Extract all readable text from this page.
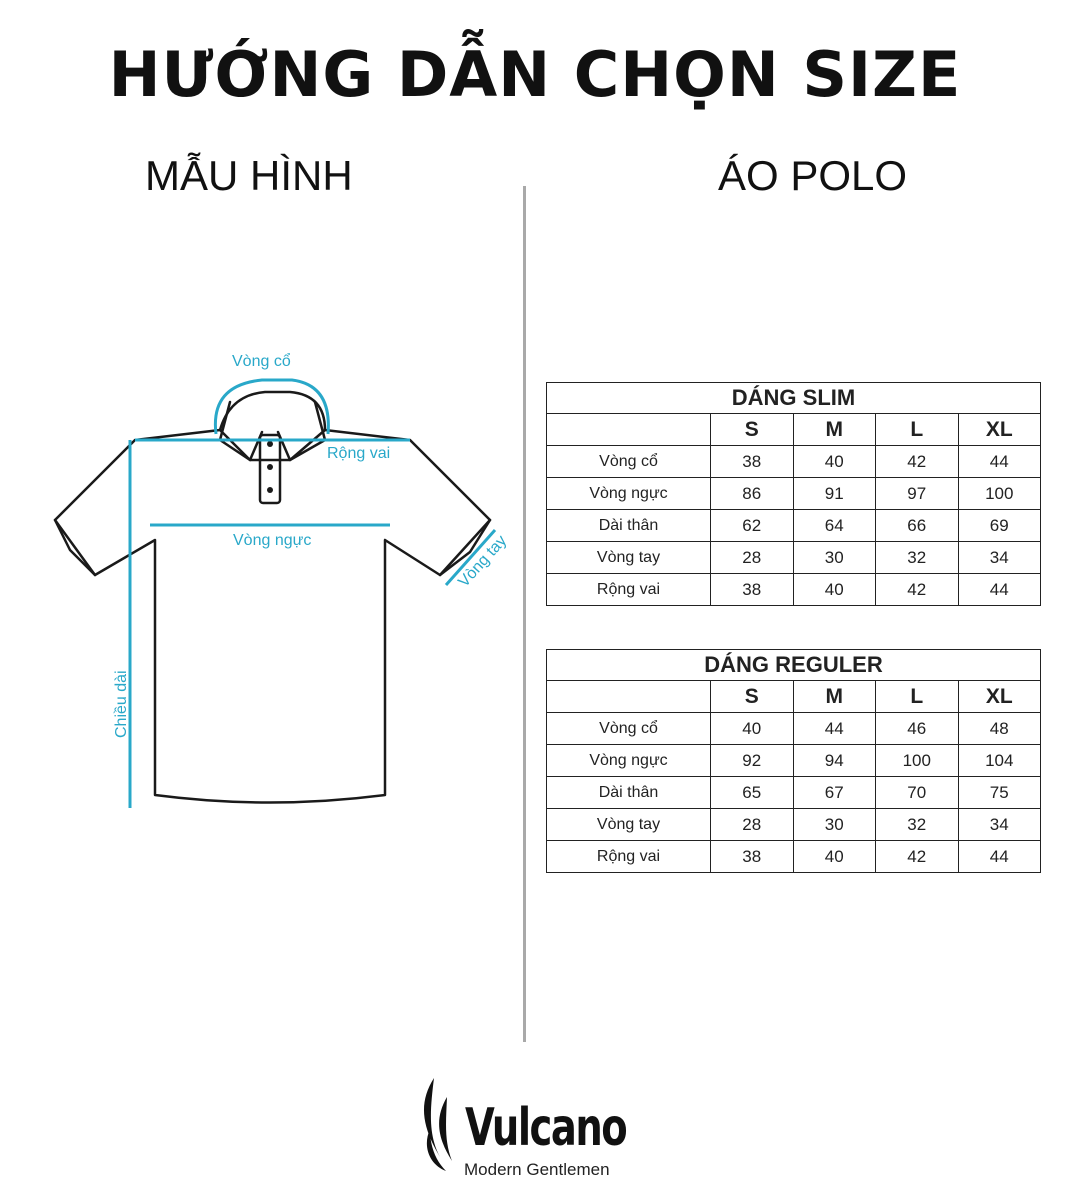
HƯỚNG DẪN CHỌN SIZE
MẪU HÌNH	ÁO POLO
Vòng cổ
Rộng vai
Vòng ngực	Vòng tay
Chiều dài
DÁNG SLIM				
	S	M	L	XL
Vòng cổ	38	40	42	44
Vòng ngực	86	91	97	100
Dài thân	62	64	66	69
Vòng tay	28	30	32	34
Rộng vai	38	40	42	44
DÁNG REGULER				
	S	M	L	XL
Vòng cổ	40	44	46	48
Vòng ngực	92	94	100	104
Dài thân	65	67	70	75
Vòng tay	28	30	32	34
Rộng vai	38	40	42	44
Vulcano
Modern Gentlemen
